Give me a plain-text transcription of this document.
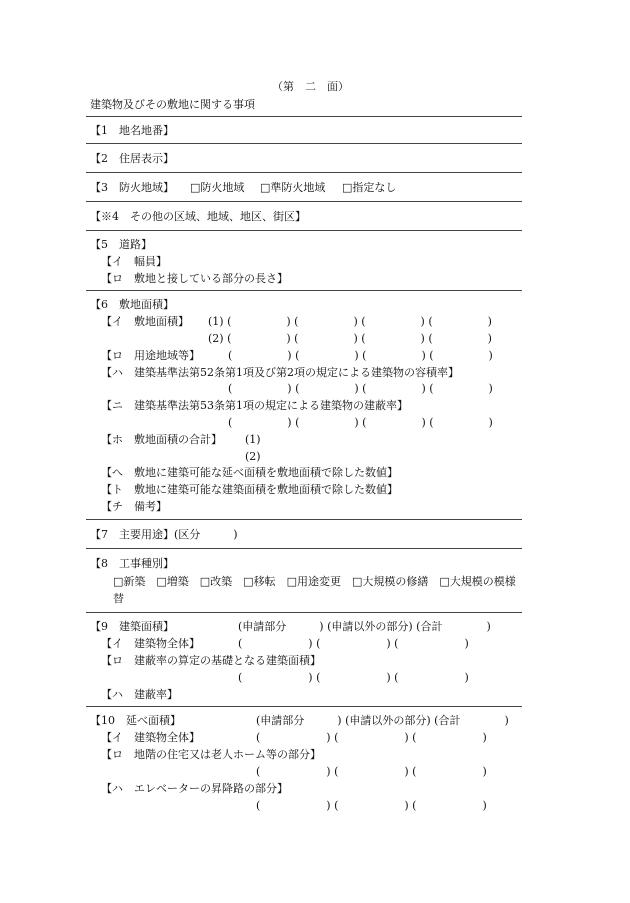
（第　二　面）
建築物及びその敷地に関する事項
【1　地名地番】
【2　住居表示】
【3　防火地域】 □防火地域 □準防火地域 □指定なし
【※4　その他の区域、地域、地区、街区】
【5　道路】
【イ　幅員】
【ロ　敷地と接している部分の長さ】
【6　敷地面積】
【イ　敷地面積】 (1) (　　　　　) (　　　　　) (　　　　　) (　　　　　)
(2) (　　　　　) (　　　　　) (　　　　　) (　　　　　)
【ロ　用途地域等】	(　　　　　) (　　　　　) (　　　　　) (　　　　　)
【ハ　建築基準法第52条第1項及び第2項の規定による建築物の容積率】
(　　　　　) (　　　　　) (　　　　　) (　　　　　)
【ニ　建築基準法第53条第1項の規定による建築物の建蔽率】
(　　　　　) (　　　　　) (　　　　　) (　　　　　)
【ホ　敷地面積の合計】 (1)
(2)
【へ　敷地に建築可能な延べ面積を敷地面積で除した数値】
【ト　敷地に建築可能な建築面積を敷地面積で除した数値】
【チ　備考】
【7　主要用途】(区分　　　)
【8　工事種別】
□新築　□増築　□改築　□移転　□用途変更　□大規模の修繕　□大規模の模様
替
【9　建築面積】	(申請部分　　　) (申請以外の部分) (合計　　　　)
【イ　建築物全体】	(　　　　　　) (　　　　　　) (　　　　　　)
【ロ　建蔽率の算定の基礎となる建築面積】
(　　　　　　) (　　　　　　) (　　　　　　)
【ハ　建蔽率】
【10　延べ面積】	(申請部分　　　) (申請以外の部分) (合計　　　　)
【イ　建築物全体】	(　　　　　　) (　　　　　　) (　　　　　　)
【ロ　地階の住宅又は老人ホーム等の部分】
(　　　　　　) (　　　　　　) (　　　　　　)
【ハ　エレベーターの昇降路の部分】
(　　　　　　) (　　　　　　) (　　　　　　)
